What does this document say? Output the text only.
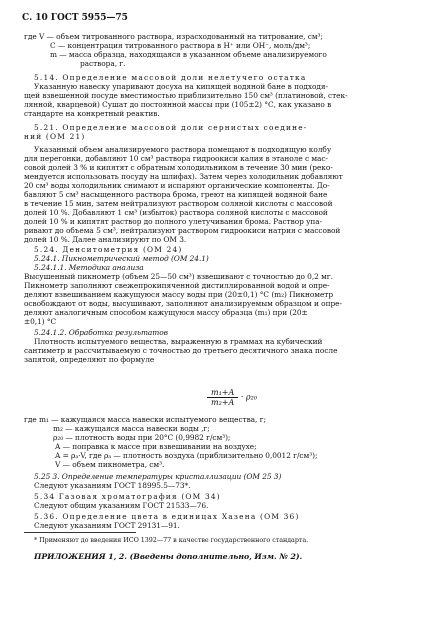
С. 10 ГОСТ 5955—75
где V — объем титрованного раствора, израсходованный на титрование, см³;
С — концентрация титрованного раствора в H⁺ или OH⁻, моль/дм³;
m — масса образца, находящаяся в указанном объеме анализируемого
раствора, г.
5.14. Определение массовой доли нелетучего остатка
Указанную навеску упаривают досуха на кипящей водяной бане в подходя-
щей взвешенной посуде вместимостью приблизительно 150 см³ (платиновой, стек-
лянной, кварцевой) Сушат до постоянной массы при (105±2) °С, как указано в
стандарте на конкретный реактив.
5.21. Определение массовой доли сернистых соедине-
ний (ОМ 21)
Указанный объем анализируемого раствора помещают в подходящую колбу
для перегонки, добавляют 10 см³ раствора гидроокиси калия в этаноле с мас-
совой долей 3 % и кипятят с обратным холодильником в течение 30 мин (реко-
мендуется использовать посуду на шлифах). Затем через холодильник добавляют
20 см³ воды холодильник снимают и испаряют органические компоненты. До-
бавляют 5 см³ насыщенного раствора брома, греют на кипящей водяной бане
в течение 15 мин, затем нейтрализуют раствором соляной кислоты с массовой
долей 10 %. Добавляют 1 см³ (избыток) раствора соляной кислоты с массовой
долей 10 % и кипятят раствор до полного улетучивания брома. Раствор упа-
ривают до объема 5 см³, нейтрализуют раствором гидроокиси натрия с массовой
долей 10 %. Далее анализируют по ОМ 3.
5.24. Денситометрия (ОМ 24)
5.24.1. Пикнометрический метод (ОМ 24.1)
5.24.1.1. Методика анализа
Высушенный пикнометр (объем 25—50 см³) взвешивают с точностью до 0,2 мг.
Пикнометр заполняют свежепрокипяченной дистиллированной водой и опре-
деляют взвешиванием кажущуюся массу воды при (20±0,1) °С (m₂) Пикнометр
освобождают от воды, высушивают, заполняют анализируемым образцом и опре-
деляют аналогичным способом кажущуюся массу образца (m₁) при (20±
±0,1) °С
5.24.1.2. Обработка результатов
Плотность испытуемого вещества, выраженную в граммах на кубический
сантиметр и рассчитываемую с точностью до третьего десятичного знака после
запятой, определяют по формуле
$\frac{\text{m₁+A}}{\text{m₂+A}} \cdot \rho_{20}$
где m₁ — кажущаяся масса навески испытуемого вещества, г;
m₂ — кажущаяся масса навески воды ,г;
ρ₂₀ — плотность воды при 20°С (0,9982 г/см³);
A — поправка к массе при взвешивании на воздухе;
A = ρₐ·V, где ρₐ — плотность воздуха (приблизительно 0,0012 г/см³);
V — объем пикнометра, см³.
5.25 3. Определение температуры кристаллизации (ОМ 25 3)
Следуют указаниям ГОСТ 18995.5—73*.
5.34 Газовая хроматография (ОМ 34)
Следуют общим указаниям ГОСТ 21533—76.
5.36. Определение цвета в единицах Хазена (ОМ 36)
Следуют указаниям ГОСТ 29131—91.
* Применяют до введения ИСО 1392—77 в качестве государственного стандарта.
ПРИЛОЖЕНИЯ 1, 2. (Введены дополнительно, Изм. № 2).
